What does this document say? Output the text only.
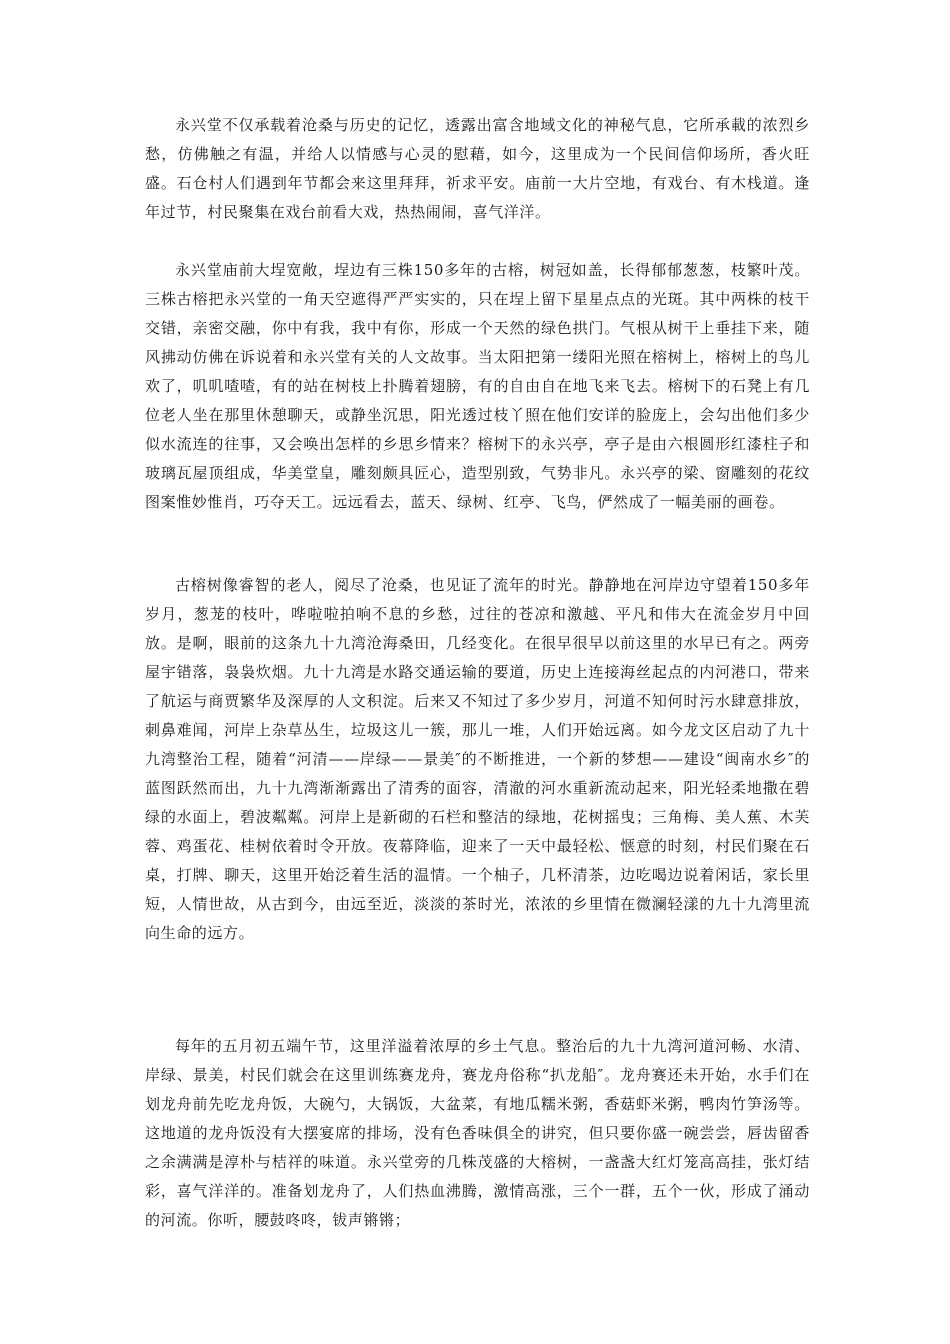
永兴堂不仅承载着沧桑与历史的记忆，透露出富含地域文化的神秘气息，它所承載的浓烈乡愁，仿佛触之有温，并给人以情感与心灵的慰藉，如今，这里成为一个民间信仰场所，香火旺盛。石仓村人们遇到年节都会来这里拜拜，祈求平安。庙前一大片空地，有戏台、有木栈道。逢年过节，村民聚集在戏台前看大戏，热热闹闹，喜气洋洋。

永兴堂庙前大埕宽敞，埕边有三株150多年的古榕，树冠如盖，长得郁郁葱葱，枝繁叶茂。三株古榕把永兴堂的一角天空遮得严严实实的，只在埕上留下星星点点的光斑。其中两株的枝干交错，亲密交融，你中有我，我中有你，形成一个天然的绿色拱门。气根从树干上垂挂下来，随风拂动仿佛在诉说着和永兴堂有关的人文故事。当太阳把第一缕阳光照在榕树上，榕树上的鸟儿欢了，叽叽喳喳，有的站在树枝上扑腾着翅膀，有的自由自在地飞来飞去。榕树下的石凳上有几位老人坐在那里休憩聊天，或静坐沉思，阳光透过枝丫照在他们安详的脸庞上，会勾出他们多少似水流连的往事，又会唤出怎样的乡思乡情来？榕树下的永兴亭，亭子是由六根圆形红漆柱子和玻璃瓦屋顶组成，华美堂皇，雕刻颇具匠心，造型别致，气势非凡。永兴亭的梁、窗雕刻的花纹图案惟妙惟肖，巧夺天工。远远看去，蓝天、绿树、红亭、飞鸟，俨然成了一幅美丽的画卷。

古榕树像睿智的老人，阅尽了沧桑，也见证了流年的时光。静静地在河岸边守望着150多年岁月，葱茏的枝叶，哗啦啦拍响不息的乡愁，过往的苍凉和激越、平凡和伟大在流金岁月中回放。是啊，眼前的这条九十九湾沧海桑田，几经变化。在很早很早以前这里的水早已有之。两旁屋宇错落，袅袅炊烟。九十九湾是水路交通运输的要道，历史上连接海丝起点的内河港口，带来了航运与商贾繁华及深厚的人文积淀。后来又不知过了多少岁月，河道不知何时污水肆意排放，刺鼻难闻，河岸上杂草丛生，垃圾这儿一簇，那儿一堆，人们开始远离。如今龙文区启动了九十九湾整治工程，随着“河清——岸绿——景美″的不断推进，一个新的梦想——建设“闽南水乡″的蓝图跃然而出，九十九湾渐渐露出了清秀的面容，清澈的河水重新流动起来，阳光轻柔地撒在碧绿的水面上，碧波粼粼。河岸上是新砌的石栏和整洁的绿地，花树摇曳；三角梅、美人蕉、木芙蓉、鸡蛋花、桂树依着时令开放。夜幕降临，迎来了一天中最轻松、惬意的时刻，村民们聚在石桌，打牌、聊天，这里开始泛着生活的温情。一个柚子，几杯清茶，边吃喝边说着闲话，家长里短，人情世故，从古到今，由远至近，淡淡的茶时光，浓浓的乡里情在微澜轻漾的九十九湾里流向生命的远方。

每年的五月初五端午节，这里洋溢着浓厚的乡土气息。整治后的九十九湾河道河畅、水清、岸绿、景美，村民们就会在这里训练赛龙舟，赛龙舟俗称“扒龙船″。龙舟赛还未开始，水手们在划龙舟前先吃龙舟饭，大碗勺，大锅饭，大盆菜，有地瓜糯米粥，香菇虾米粥，鸭肉竹笋汤等。这地道的龙舟饭没有大摆宴席的排场，没有色香味俱全的讲究，但只要你盛一碗尝尝，唇齿留香之余满满是淳朴与桔祥的味道。永兴堂旁的几株茂盛的大榕树，一盏盏大红灯笼高高挂，张灯结彩，喜气洋洋的。准备划龙舟了，人们热血沸腾，激情高涨，三个一群，五个一伙，形成了涌动的河流。你听，腰鼓咚咚，钹声锵锵；
